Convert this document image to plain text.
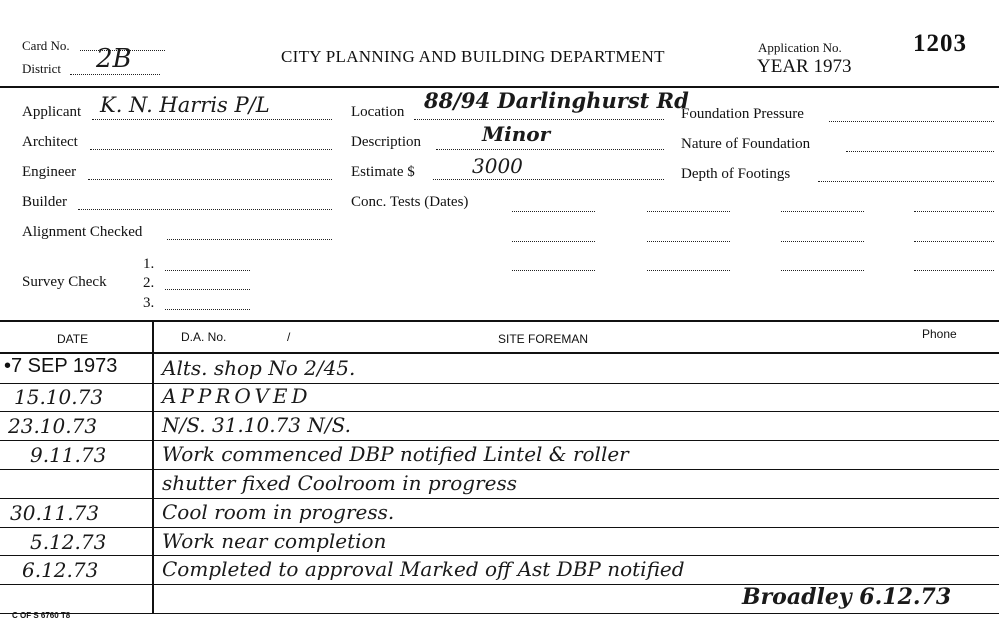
Card No.
District 2B	CITY PLANNING AND BUILDING DEPARTMENT	Application No.
YEAR 1973
1203
Applicant K. N. Harris P/L
Architect
Engineer
Builder
Alignment Checked
Survey Check
1.
2.
3.
Location 88/94 Darlinghurst Rd
Description	Minor
Estimate $	3000
Conc. Tests (Dates)
Foundation Pressure
Nature of Foundation
Depth of Footings
DATE	D.A. No.	/	SITE FOREMAN	Phone
•7 SEP 1973 Alts. shop No 2/45.
15.10.73	APPROVED
23.10.73	N/S. 31.10.73 N/S.
9.11.73	Work commenced DBP notified Lintel & roller
shutter fixed Coolroom in progress
30.11.73	Cool room in progress.
5.12.73	Work near completion
6.12.73	Completed to approval Marked off Ast DBP notified
Broadley 6.12.73
C OF S 6760 T8
